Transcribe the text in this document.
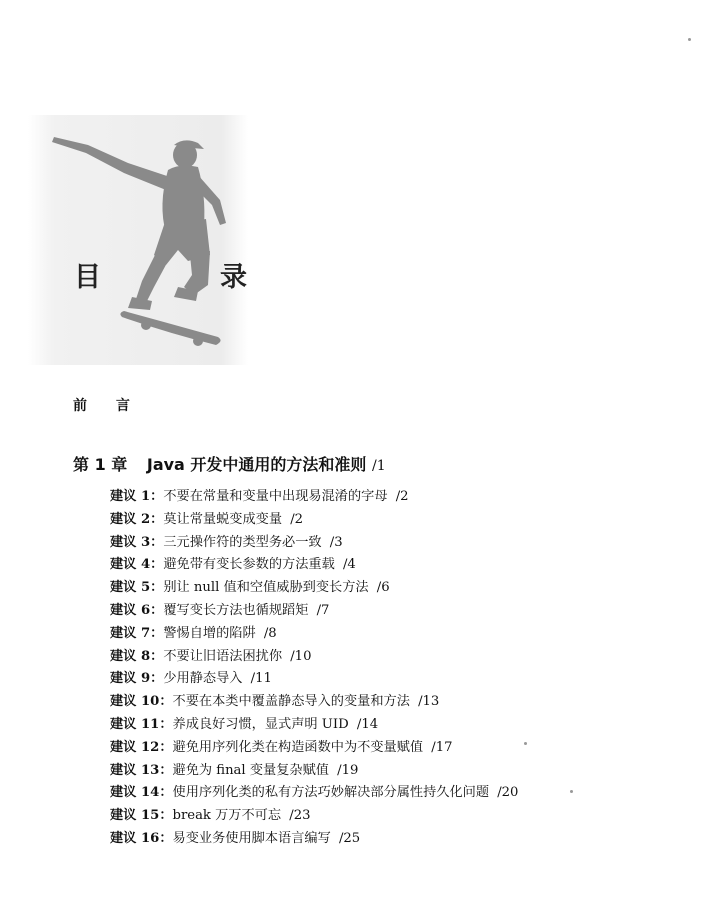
目　录
前 言
第 1 章 Java 开发中通用的方法和准则 /1
建议 1：不要在常量和变量中出现易混淆的字母 /2
建议 2：莫让常量蜕变成变量 /2
建议 3：三元操作符的类型务必一致 /3
建议 4：避免带有变长参数的方法重载 /4
建议 5：别让 null 值和空值威胁到变长方法 /6
建议 6：覆写变长方法也循规蹈矩 /7
建议 7：警惕自增的陷阱 /8
建议 8：不要让旧语法困扰你 /10
建议 9：少用静态导入 /11
建议 10：不要在本类中覆盖静态导入的变量和方法 /13
建议 11：养成良好习惯，显式声明 UID /14
建议 12：避免用序列化类在构造函数中为不变量赋值 /17
建议 13：避免为 final 变量复杂赋值 /19
建议 14：使用序列化类的私有方法巧妙解决部分属性持久化问题 /20
建议 15：break 万万不可忘 /23
建议 16：易变业务使用脚本语言编写 /25
